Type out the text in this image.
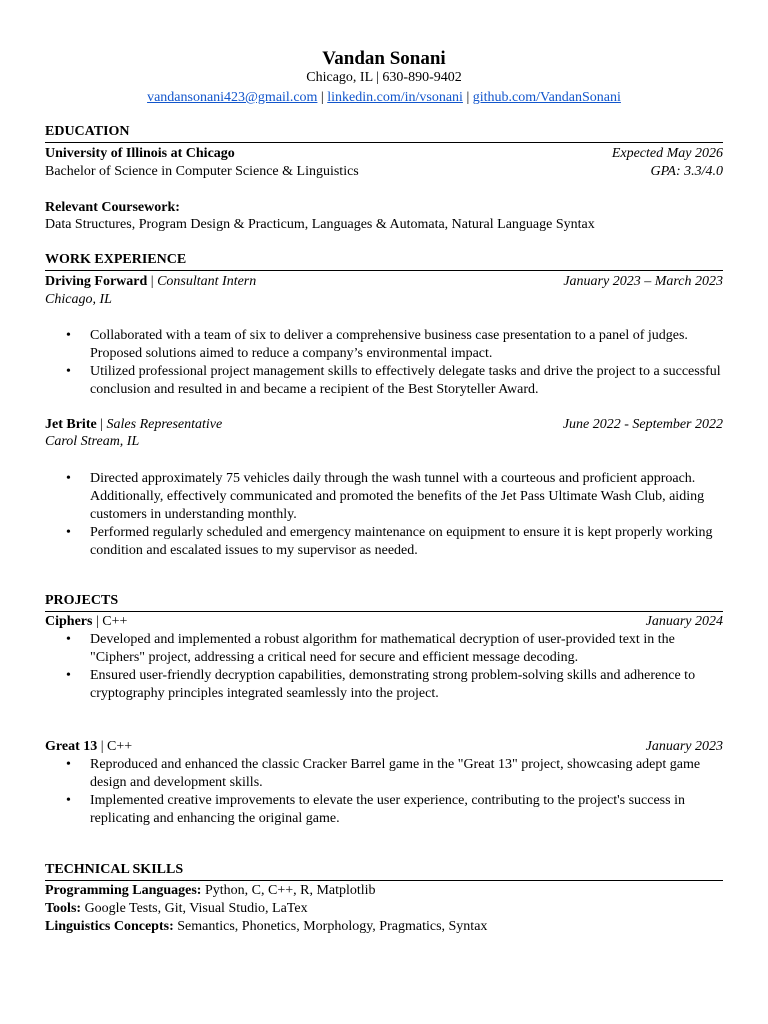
Vandan Sonani
Chicago, IL | 630-890-9402
vandansonani423@gmail.com | linkedin.com/in/vsonani | github.com/VandanSonani
EDUCATION
University of Illinois at Chicago	Expected May 2026
Bachelor of Science in Computer Science & Linguistics	GPA: 3.3/4.0
Relevant Coursework:
Data Structures, Program Design & Practicum, Languages & Automata, Natural Language Syntax
WORK EXPERIENCE
Driving Forward | Consultant Intern	January 2023 – March 2023
Chicago, IL
• Collaborated with a team of six to deliver a comprehensive business case presentation to a panel of judges. Proposed solutions aimed to reduce a company’s environmental impact.
• Utilized professional project management skills to effectively delegate tasks and drive the project to a successful conclusion and resulted in and became a recipient of the Best Storyteller Award.
Jet Brite | Sales Representative	June 2022 - September 2022
Carol Stream, IL
• Directed approximately 75 vehicles daily through the wash tunnel with a courteous and proficient approach. Additionally, effectively communicated and promoted the benefits of the Jet Pass Ultimate Wash Club, aiding customers in understanding monthly.
• Performed regularly scheduled and emergency maintenance on equipment to ensure it is kept properly working condition and escalated issues to my supervisor as needed.
PROJECTS
Ciphers | C++	January 2024
• Developed and implemented a robust algorithm for mathematical decryption of user-provided text in the "Ciphers" project, addressing a critical need for secure and efficient message decoding.
• Ensured user-friendly decryption capabilities, demonstrating strong problem-solving skills and adherence to cryptography principles integrated seamlessly into the project.
Great 13 | C++	January 2023
• Reproduced and enhanced the classic Cracker Barrel game in the "Great 13" project, showcasing adept game design and development skills.
• Implemented creative improvements to elevate the user experience, contributing to the project's success in replicating and enhancing the original game.
TECHNICAL SKILLS
Programming Languages: Python, C, C++, R, Matplotlib
Tools: Google Tests, Git, Visual Studio, LaTex
Linguistics Concepts: Semantics, Phonetics, Morphology, Pragmatics, Syntax
